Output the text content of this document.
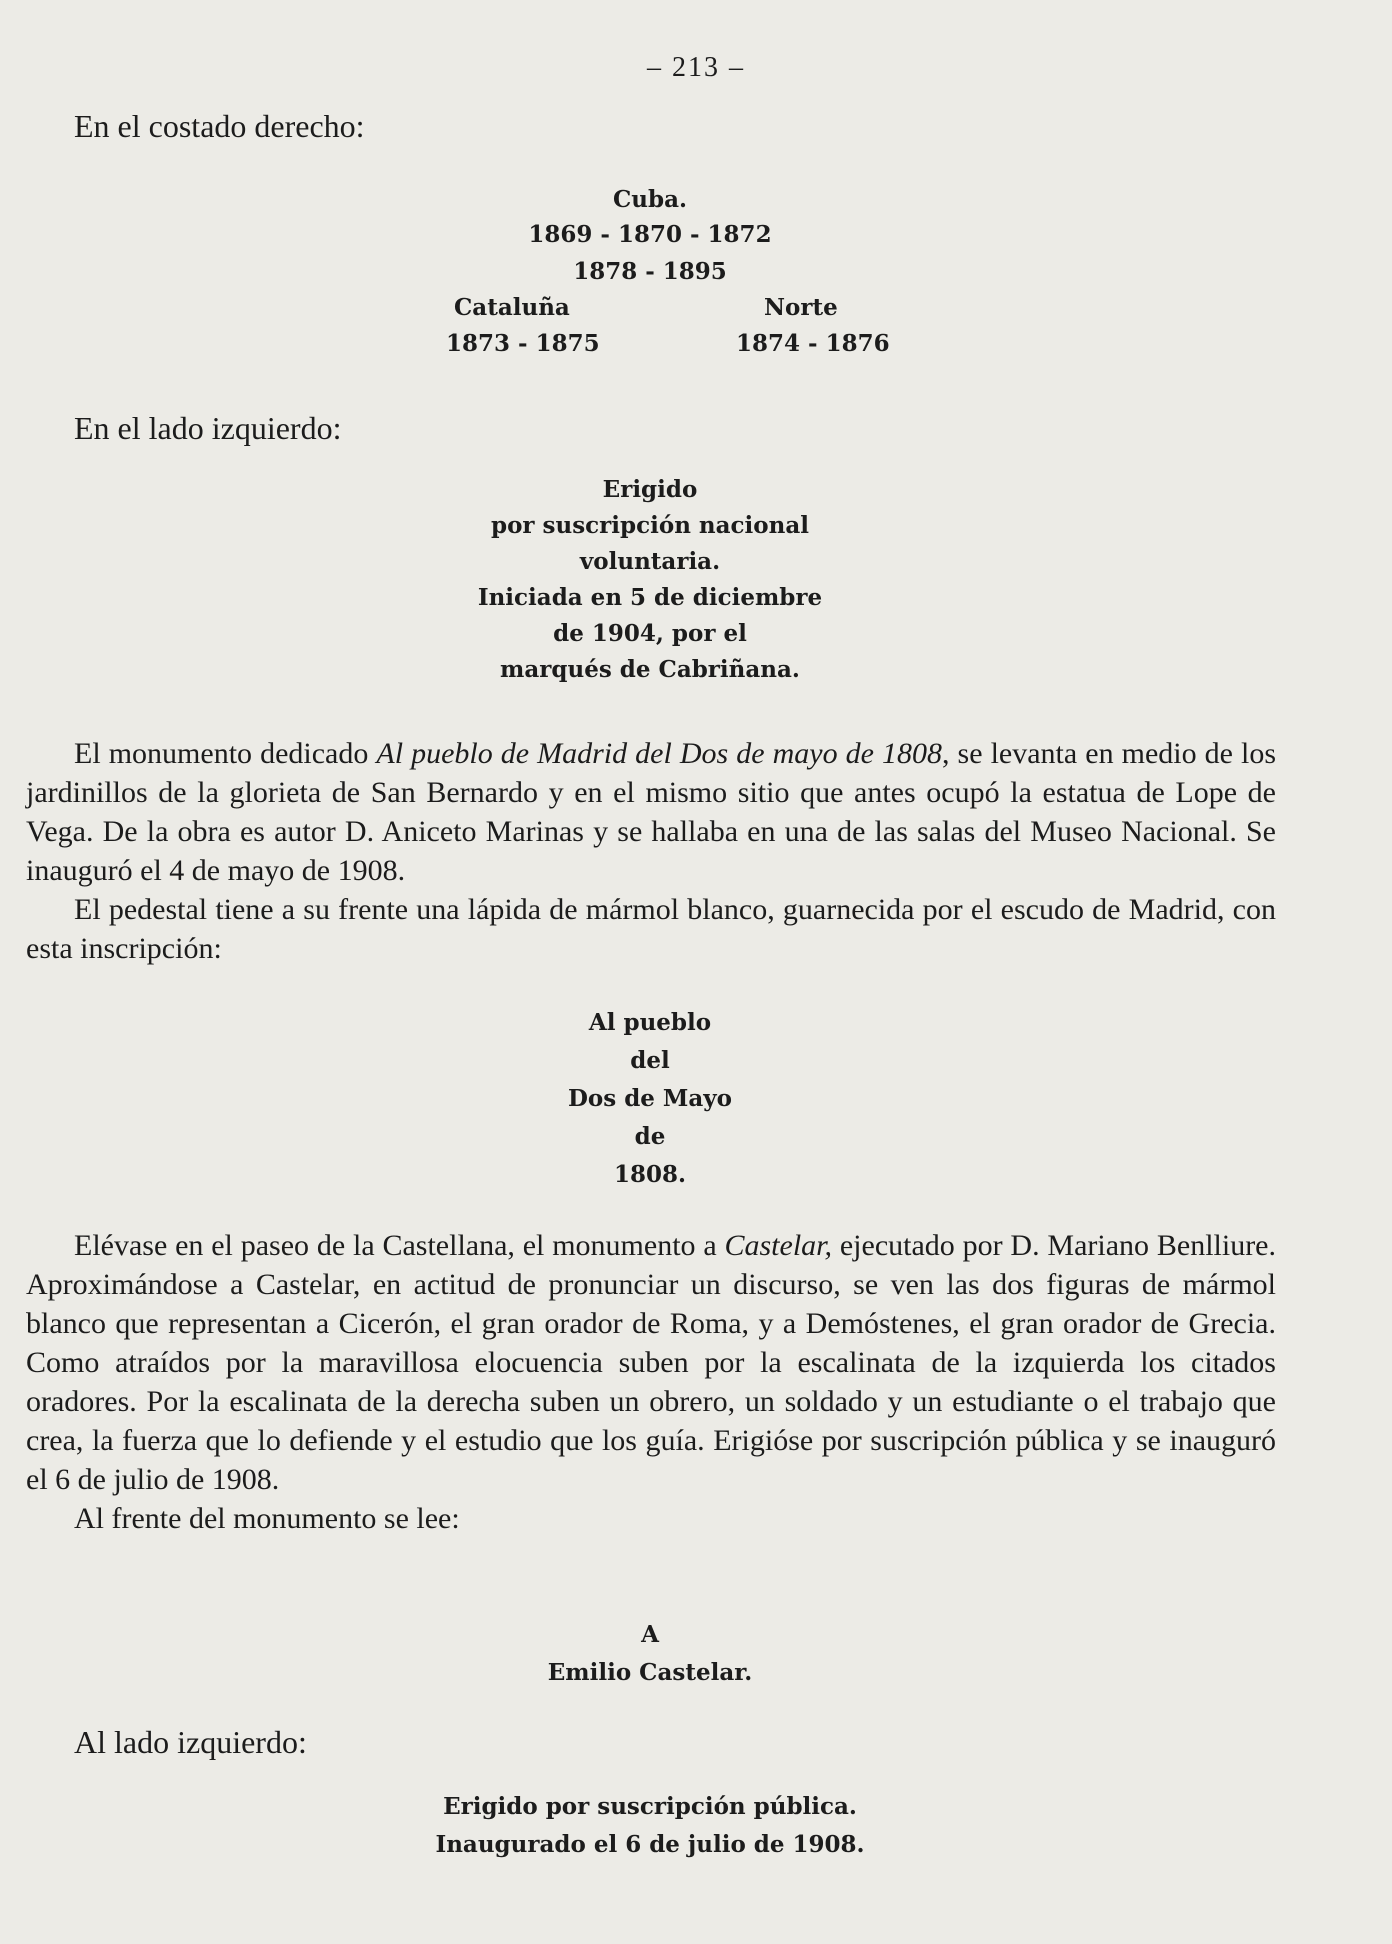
– 213 –
En el costado derecho:
Cuba.
1869 - 1870 - 1872
1878 - 1895
Cataluña
1873 - 1875
Norte
1874 - 1876
En el lado izquierdo:
Erigido
por suscripción nacional
voluntaria.
Iniciada en 5 de diciembre
de 1904, por el
marqués de Cabriñana.

El monumento dedicado Al pueblo de Madrid del Dos de mayo de 1808, se levanta en medio de los jardinillos de la glorieta de San Bernardo y en el mismo sitio que antes ocupó la estatua de Lope de Vega. De la obra es autor D. Aniceto Marinas y se hallaba en una de las salas del Museo Nacional. Se inauguró el 4 de mayo de 1908.

El pedestal tiene a su frente una lápida de mármol blanco, guarnecida por el escudo de Madrid, con esta inscripción:

Al pueblo
del
Dos de Mayo
de
1808.

Elévase en el paseo de la Castellana, el monumento a Castelar, ejecutado por D. Mariano Benlliure. Aproximándose a Castelar, en actitud de pronunciar un discurso, se ven las dos figuras de mármol blanco que representan a Cicerón, el gran orador de Roma, y a Demóstenes, el gran orador de Grecia. Como atraídos por la maravillosa elocuencia suben por la escalinata de la izquierda los citados oradores. Por la escalinata de la derecha suben un obrero, un soldado y un estudiante o el trabajo que crea, la fuerza que lo defiende y el estudio que los guía. Erigióse por suscripción pública y se inauguró el 6 de julio de 1908.

Al frente del monumento se lee:

A
Emilio Castelar.
Al lado izquierdo:
Erigido por suscripción pública.
Inaugurado el 6 de julio de 1908.
